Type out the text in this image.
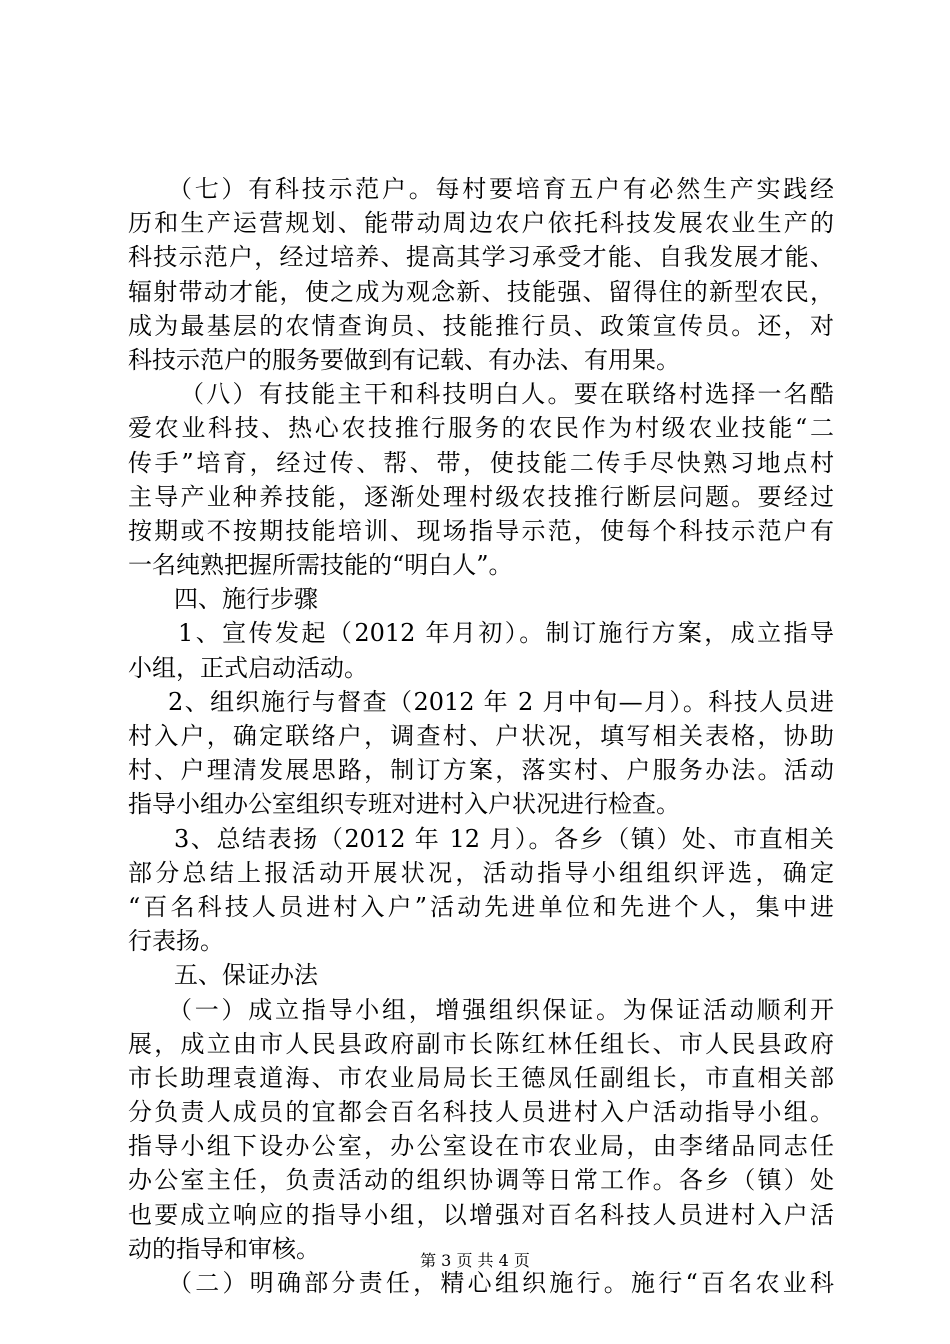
（七）有科技示范户。每村要培育五户有必然生产实践经
历和生产运营规划、能带动周边农户依托科技发展农业生产的
科技示范户，经过培养、提高其学习承受才能、自我发展才能、
辐射带动才能，使之成为观念新、技能强、留得住的新型农民，
成为最基层的农情查询员、技能推行员、政策宣传员。还，对
科技示范户的服务要做到有记载、有办法、有用果。
（八）有技能主干和科技明白人。要在联络村选择一名酷
爱农业科技、热心农技推行服务的农民作为村级农业技能“二
传手”培育，经过传、帮、带，使技能二传手尽快熟习地点村
主导产业种养技能，逐渐处理村级农技推行断层问题。要经过
按期或不按期技能培训、现场指导示范，使每个科技示范户有
一名纯熟把握所需技能的“明白人”。
四、施行步骤
1、宣传发起（2012 年月初）。制订施行方案，成立指导
小组，正式启动活动。
2、组织施行与督查（2012 年 2 月中旬—月）。科技人员进
村入户，确定联络户，调查村、户状况，填写相关表格，协助
村、户理清发展思路，制订方案，落实村、户服务办法。活动
指导小组办公室组织专班对进村入户状况进行检查。
3、总结表扬（2012 年 12 月）。各乡（镇）处、市直相关
部分总结上报活动开展状况，活动指导小组组织评选，确定
“百名科技人员进村入户”活动先进单位和先进个人，集中进
行表扬。
五、保证办法
（一）成立指导小组，增强组织保证。为保证活动顺利开
展，成立由市人民县政府副市长陈红林任组长、市人民县政府
市长助理袁道海、市农业局局长王德凤任副组长，市直相关部
分负责人成员的宜都会百名科技人员进村入户活动指导小组。
指导小组下设办公室，办公室设在市农业局，由李绪品同志任
办公室主任，负责活动的组织协调等日常工作。各乡（镇）处
也要成立响应的指导小组，以增强对百名科技人员进村入户活
动的指导和审核。
（二）明确部分责任，精心组织施行。施行“百名农业科
第 3 页 共 4 页
